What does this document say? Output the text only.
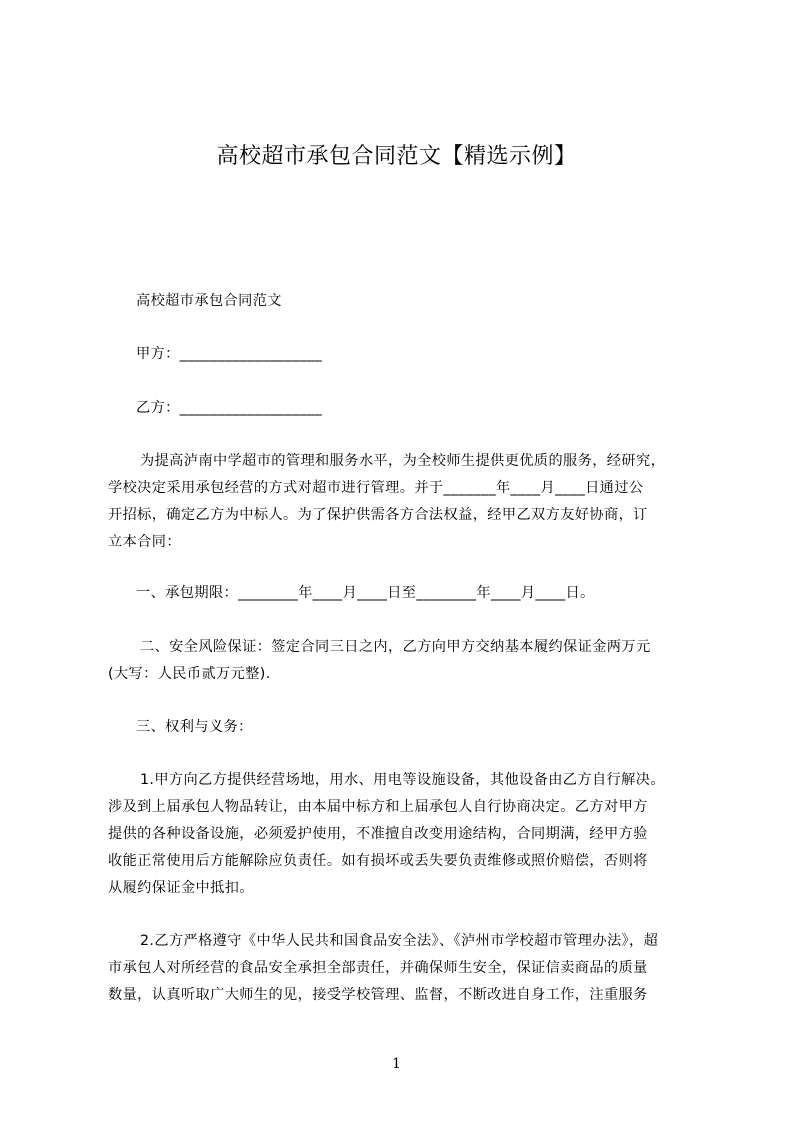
高校超市承包合同范文【精选示例】
高校超市承包合同范文
甲方：___________________
乙方：___________________
为提高泸南中学超市的管理和服务水平，为全校师生提供更优质的服务，经研究，
学校决定采用承包经营的方式对超市进行管理。并于_______年____月____日通过公
开招标，确定乙方为中标人。为了保护供需各方合法权益，经甲乙双方友好协商，订
立本合同：
一、承包期限：________年____月____日至________年____月____日。
二、安全风险保证：签定合同三日之内，乙方向甲方交纳基本履约保证金两万元
(大写：人民币贰万元整).
三、权利与义务：
1.甲方向乙方提供经营场地，用水、用电等设施设备，其他设备由乙方自行解决。
涉及到上届承包人物品转让，由本届中标方和上届承包人自行协商决定。乙方对甲方
提供的各种设备设施，必须爱护使用，不准擅自改变用途结构，合同期满，经甲方验
收能正常使用后方能解除应负责任。如有损坏或丢失要负责维修或照价赔偿，否则将
从履约保证金中抵扣。
2.乙方严格遵守《中华人民共和国食品安全法》、《泸州市学校超市管理办法》，超
市承包人对所经营的食品安全承担全部责任，并确保师生安全，保证信卖商品的质量
数量，认真听取广大师生的见，接受学校管理、监督，不断改进自身工作，注重服务
1
